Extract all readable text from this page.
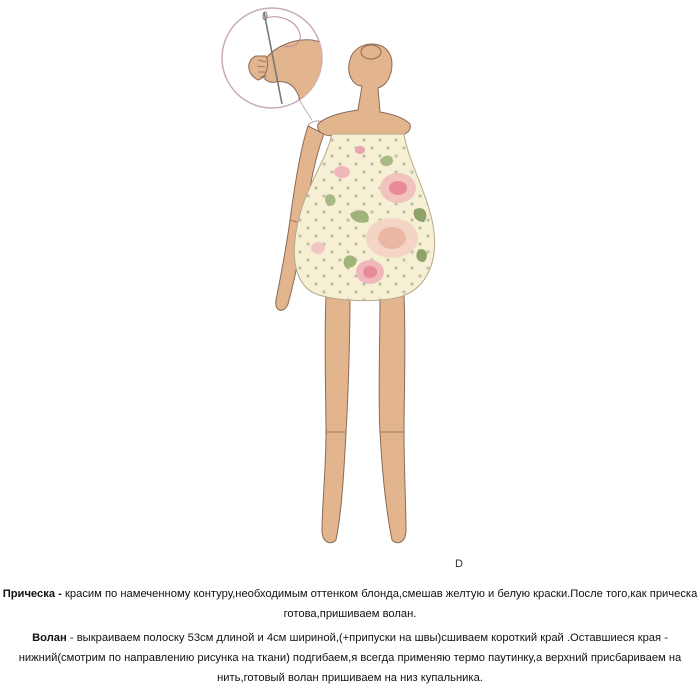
D
Прическа - красим по намеченному контуру,необходимым оттенком блонда,смешав желтую и белую краски.После того,как прическа готова,пришиваем волан.
Волан - выкраиваем полоску 53см длиной и 4см шириной,(+припуски на швы)сшиваем короткий край .Оставшиеся края - нижний(смотрим по направлению рисунка на ткани) подгибаем,я всегда применяю термо паутинку,а верхний присбариваем на нить,готовый волан пришиваем на низ купальника.
